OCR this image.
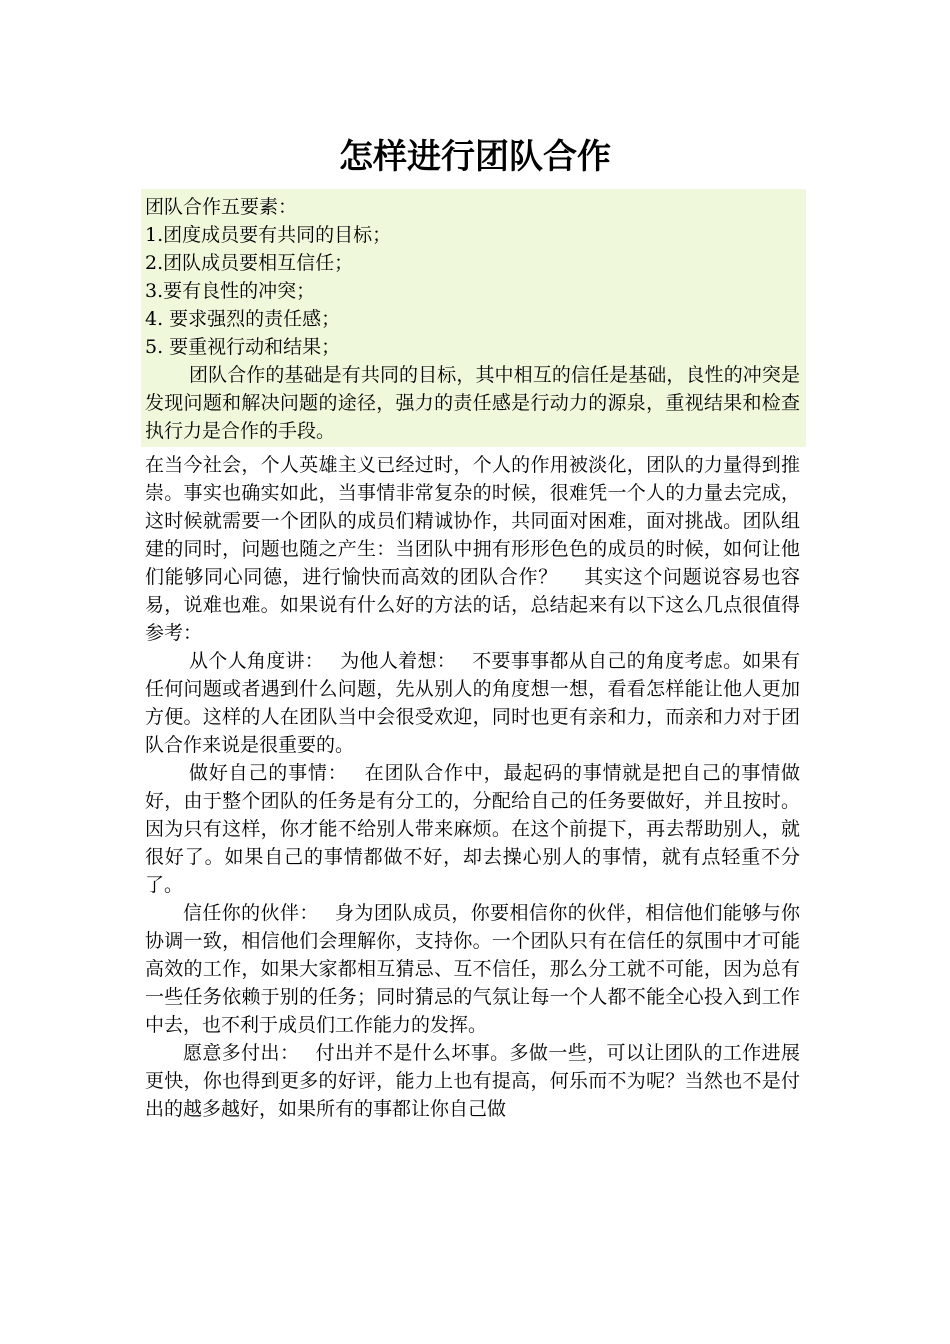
怎样进行团队合作
团队合作五要素：
1.团度成员要有共同的目标；
2.团队成员要相互信任；
3.要有良性的冲突；
4. 要求强烈的责任感；
5. 要重视行动和结果；
团队合作的基础是有共同的目标，其中相互的信任是基础，良性的冲突是发现问题和解决问题的途径，强力的责任感是行动力的源泉，重视结果和检查执行力是合作的手段。

在当今社会，个人英雄主义已经过时，个人的作用被淡化，团队的力量得到推崇。事实也确实如此，当事情非常复杂的时候，很难凭一个人的力量去完成，这时候就需要一个团队的成员们精诚协作，共同面对困难，面对挑战。团队组建的同时，问题也随之产生：当团队中拥有形形色色的成员的时候，如何让他们能够同心同德，进行愉快而高效的团队合作？　 其实这个问题说容易也容易，说难也难。如果说有什么好的方法的话，总结起来有以下这么几点很值得参考：

从个人角度讲：　 为他人着想：　 不要事事都从自己的角度考虑。如果有任何问题或者遇到什么问题，先从别人的角度想一想，看看怎样能让他人更加方便。这样的人在团队当中会很受欢迎，同时也更有亲和力，而亲和力对于团队合作来说是很重要的。

做好自己的事情：　 在团队合作中，最起码的事情就是把自己的事情做好，由于整个团队的任务是有分工的，分配给自己的任务要做好，并且按时。因为只有这样，你才能不给别人带来麻烦。在这个前提下，再去帮助别人，就很好了。如果自己的事情都做不好，却去操心别人的事情，就有点轻重不分了。

信任你的伙伴：　 身为团队成员，你要相信你的伙伴，相信他们能够与你协调一致，相信他们会理解你，支持你。一个团队只有在信任的氛围中才可能高效的工作，如果大家都相互猜忌、互不信任，那么分工就不可能，因为总有一些任务依赖于别的任务；同时猜忌的气氛让每一个人都不能全心投入到工作中去，也不利于成员们工作能力的发挥。

愿意多付出：　 付出并不是什么坏事。多做一些，可以让团队的工作进展更快，你也得到更多的好评，能力上也有提高，何乐而不为呢？当然也不是付出的越多越好，如果所有的事都让你自己做
